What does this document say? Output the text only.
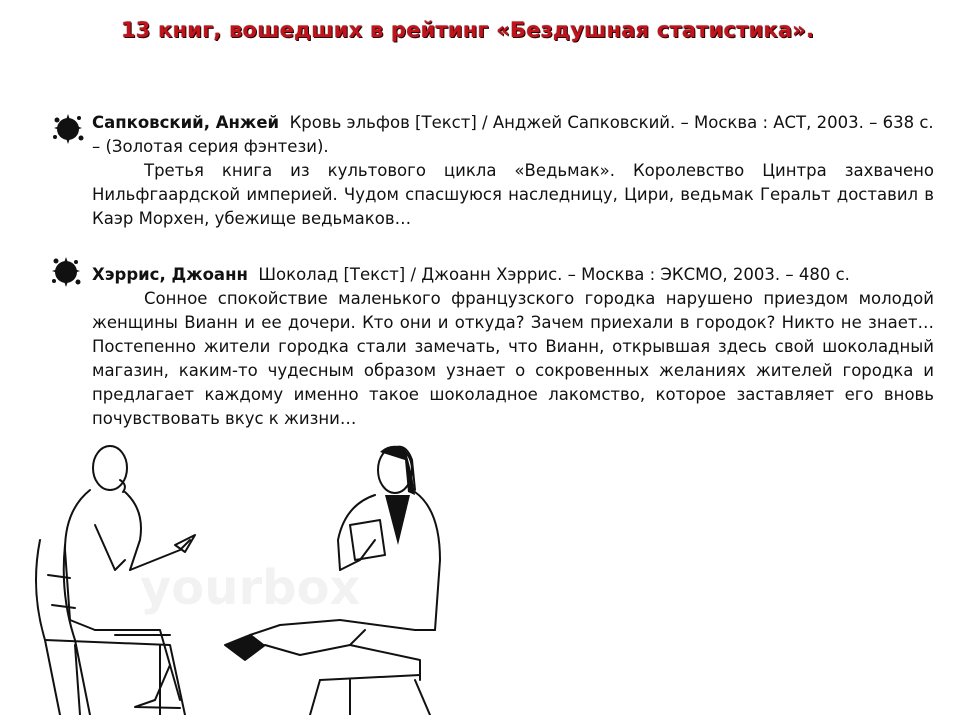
13 книг, вошедших в рейтинг «Бездушная статистика».

Сапковский, Анжей Кровь эльфов [Текст] / Анджей Сапковский. – Москва : АСТ, 2003. – 638 с. – (Золотая серия фэнтези).

Третья книга из культового цикла «Ведьмак». Королевство Цинтра захвачено Нильфгаардской империей. Чудом спасшуюся наследницу, Цири, ведьмак Геральт доставил в Каэр Морхен, убежище ведьмаков…

Хэррис, Джоанн Шоколад [Текст] / Джоанн Хэррис. – Москва : ЭКСМО, 2003. – 480 с.

Сонное спокойствие маленького французского городка нарушено приездом молодой женщины Вианн и ее дочери. Кто они и откуда? Зачем приехали в городок? Никто не знает… Постепенно жители городка стали замечать, что Вианн, открывшая здесь свой шоколадный магазин, каким-то чудесным образом узнает о сокровенных желаниях жителей городка и предлагает каждому именно такое шоколадное лакомство, которое заставляет его вновь почувствовать вкус к жизни…

yourbox
